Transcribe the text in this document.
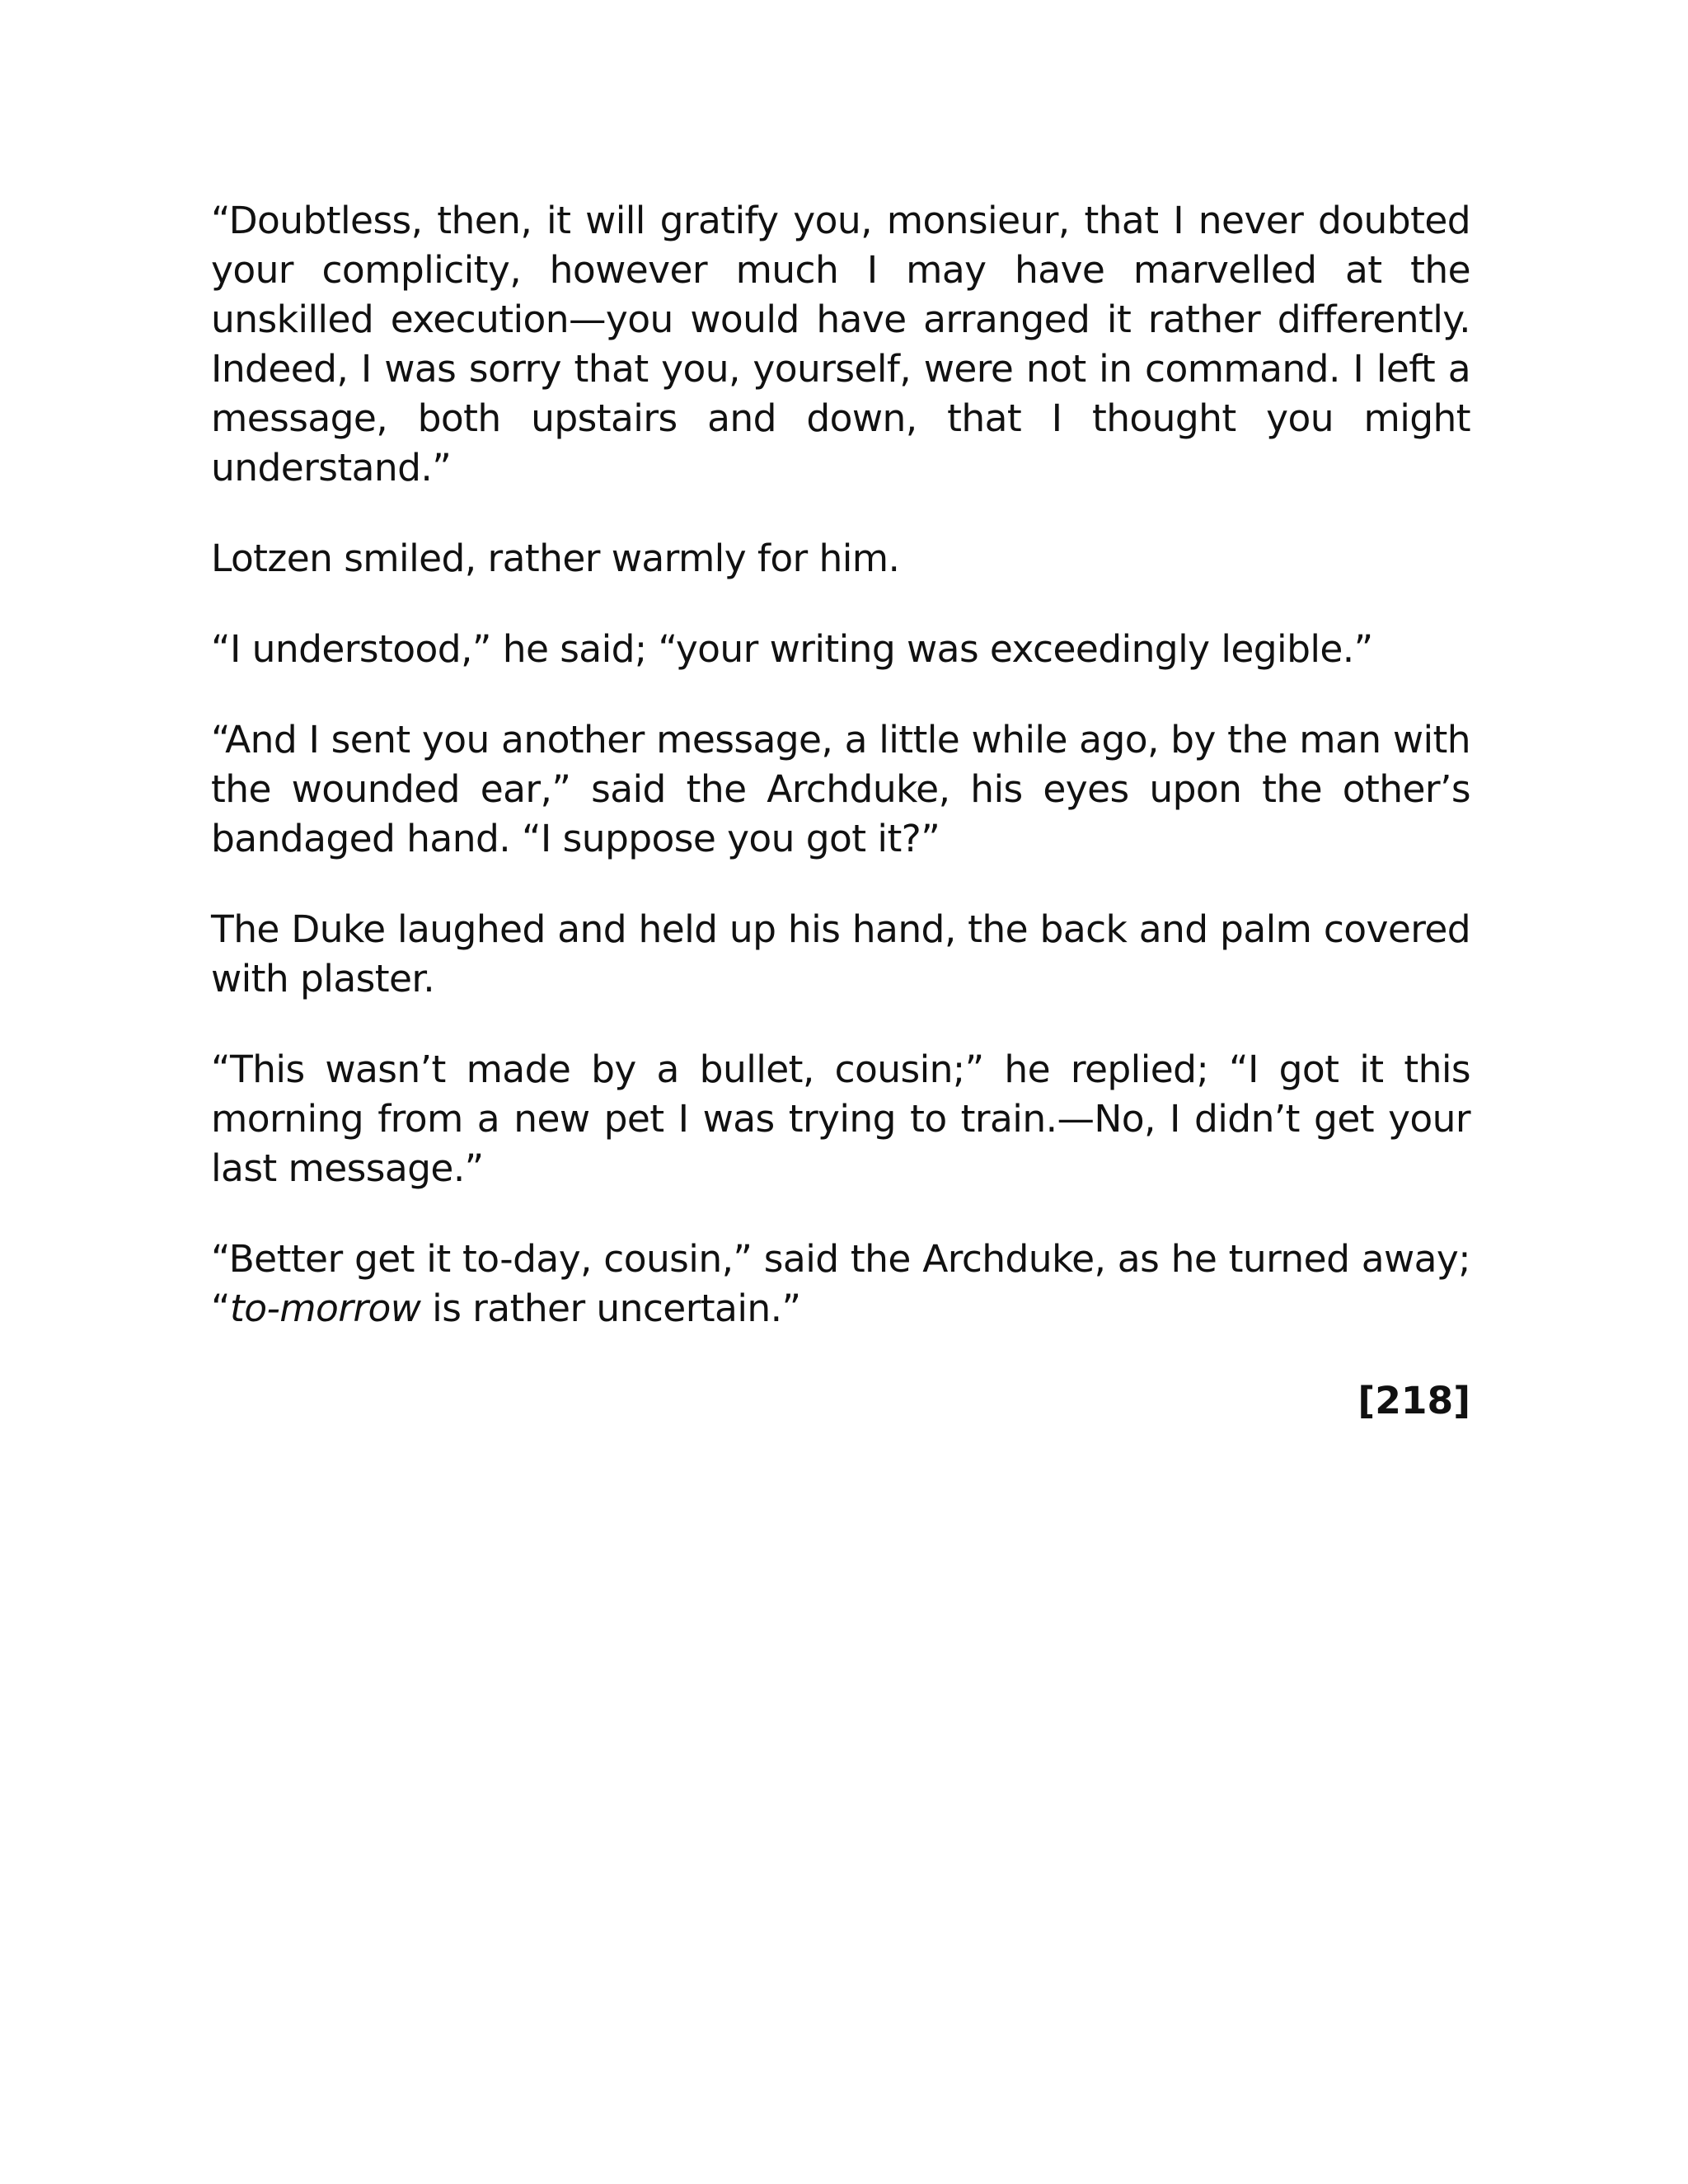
“Doubtless, then, it will gratify you, monsieur, that I never doubted your complicity, however much I may have marvelled at the unskilled execution—you would have arranged it rather differently. Indeed, I was sorry that you, yourself, were not in command. I left a message, both upstairs and down, that I thought you might understand.”

Lotzen smiled, rather warmly for him.

“I understood,” he said; “your writing was exceedingly legible.”

“And I sent you another message, a little while ago, by the man with the wounded ear,” said the Archduke, his eyes upon the other’s bandaged hand. “I suppose you got it?”

The Duke laughed and held up his hand, the back and palm covered with plaster.

“This wasn’t made by a bullet, cousin;” he replied; “I got it this morning from a new pet I was trying to train.—No, I didn’t get your last message.”

“Better get it to-day, cousin,” said the Archduke, as he turned away; “to-morrow is rather uncertain.”

[218]
